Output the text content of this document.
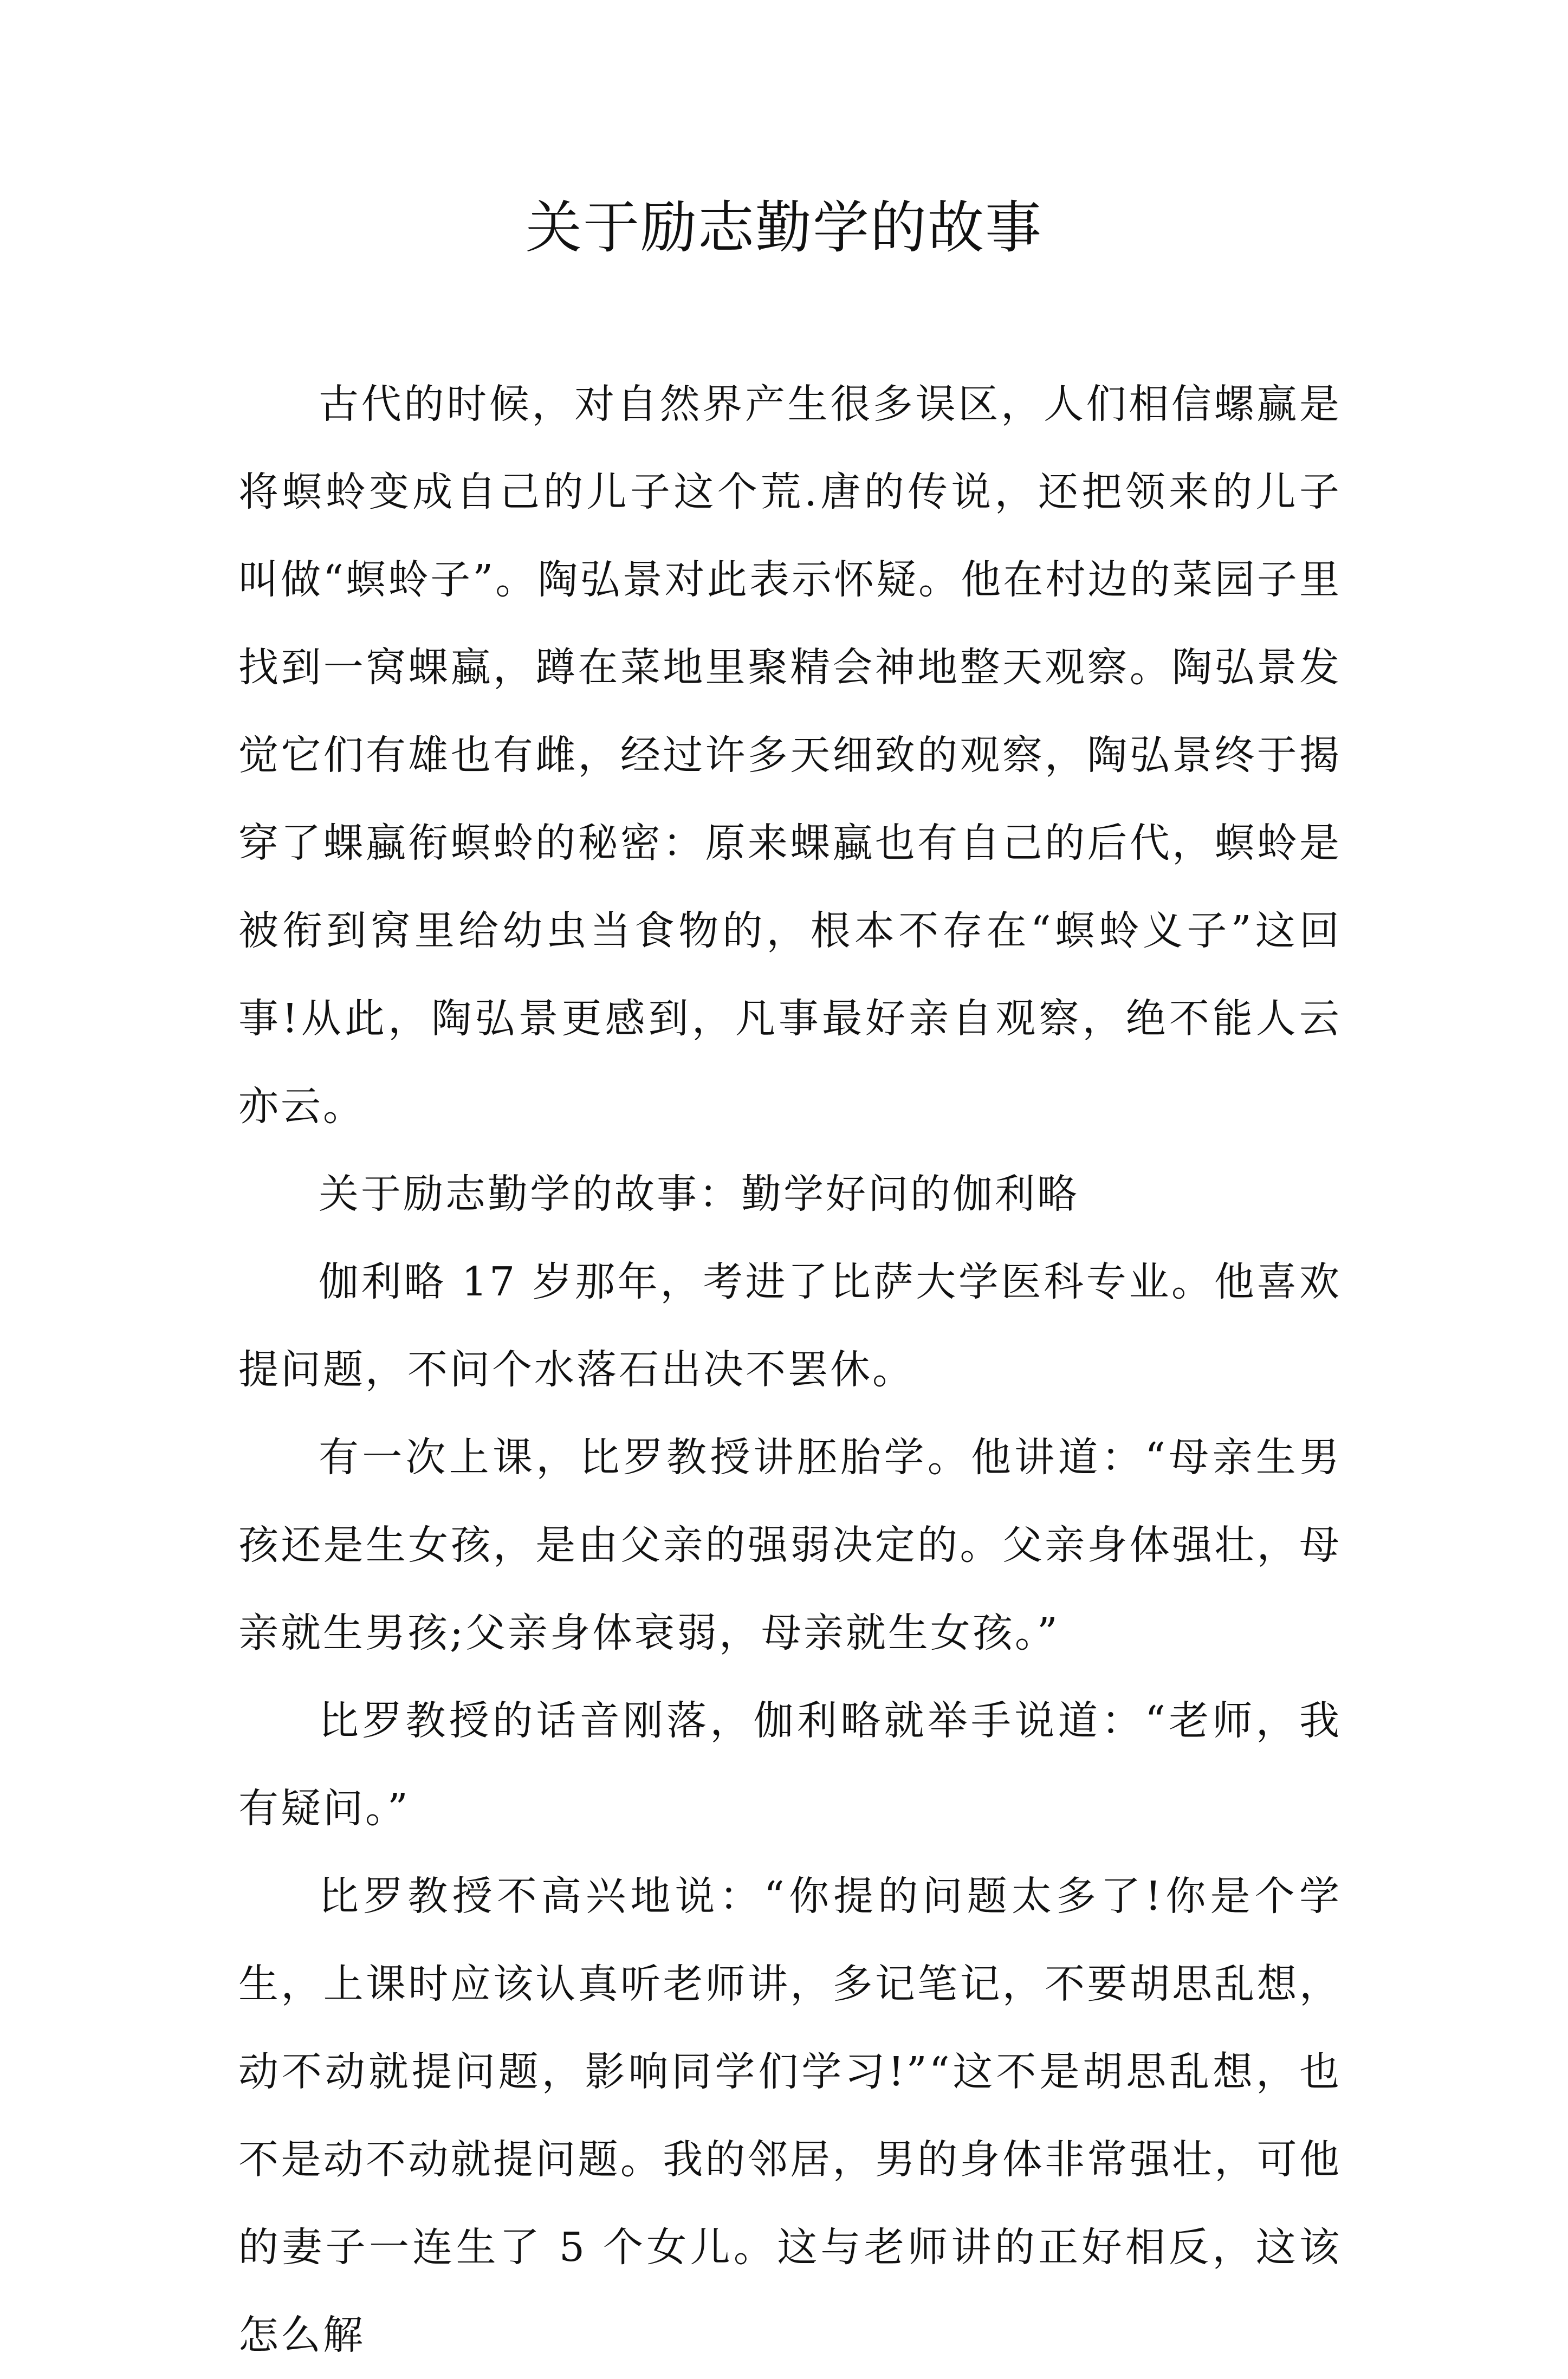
关于励志勤学的故事

古代的时候，对自然界产生很多误区，人们相信螺赢是将螟蛉变成自己的儿子这个荒.唐的传说，还把领来的儿子叫做“螟蛉子”。陶弘景对此表示怀疑。他在村边的菜园子里找到一窝蜾蠃，蹲在菜地里聚精会神地整天观察。陶弘景发觉它们有雄也有雌，经过许多天细致的观察，陶弘景终于揭穿了蜾蠃衔螟蛉的秘密：原来蜾蠃也有自己的后代，螟蛉是被衔到窝里给幼虫当食物的，根本不存在“螟蛉义子”这回事!从此，陶弘景更感到，凡事最好亲自观察，绝不能人云亦云。

关于励志勤学的故事：勤学好问的伽利略

伽利略 17 岁那年，考进了比萨大学医科专业。他喜欢提问题，不问个水落石出决不罢休。

有一次上课，比罗教授讲胚胎学。他讲道：“母亲生男孩还是生女孩，是由父亲的强弱决定的。父亲身体强壮，母亲就生男孩;父亲身体衰弱，母亲就生女孩。”

比罗教授的话音刚落，伽利略就举手说道：“老师，我有疑问。”

比罗教授不高兴地说：“你提的问题太多了!你是个学生，上课时应该认真听老师讲，多记笔记，不要胡思乱想，动不动就提问题，影响同学们学习!”“这不是胡思乱想，也不是动不动就提问题。我的邻居，男的身体非常强壮，可他的妻子一连生了 5 个女儿。这与老师讲的正好相反，这该怎么解
